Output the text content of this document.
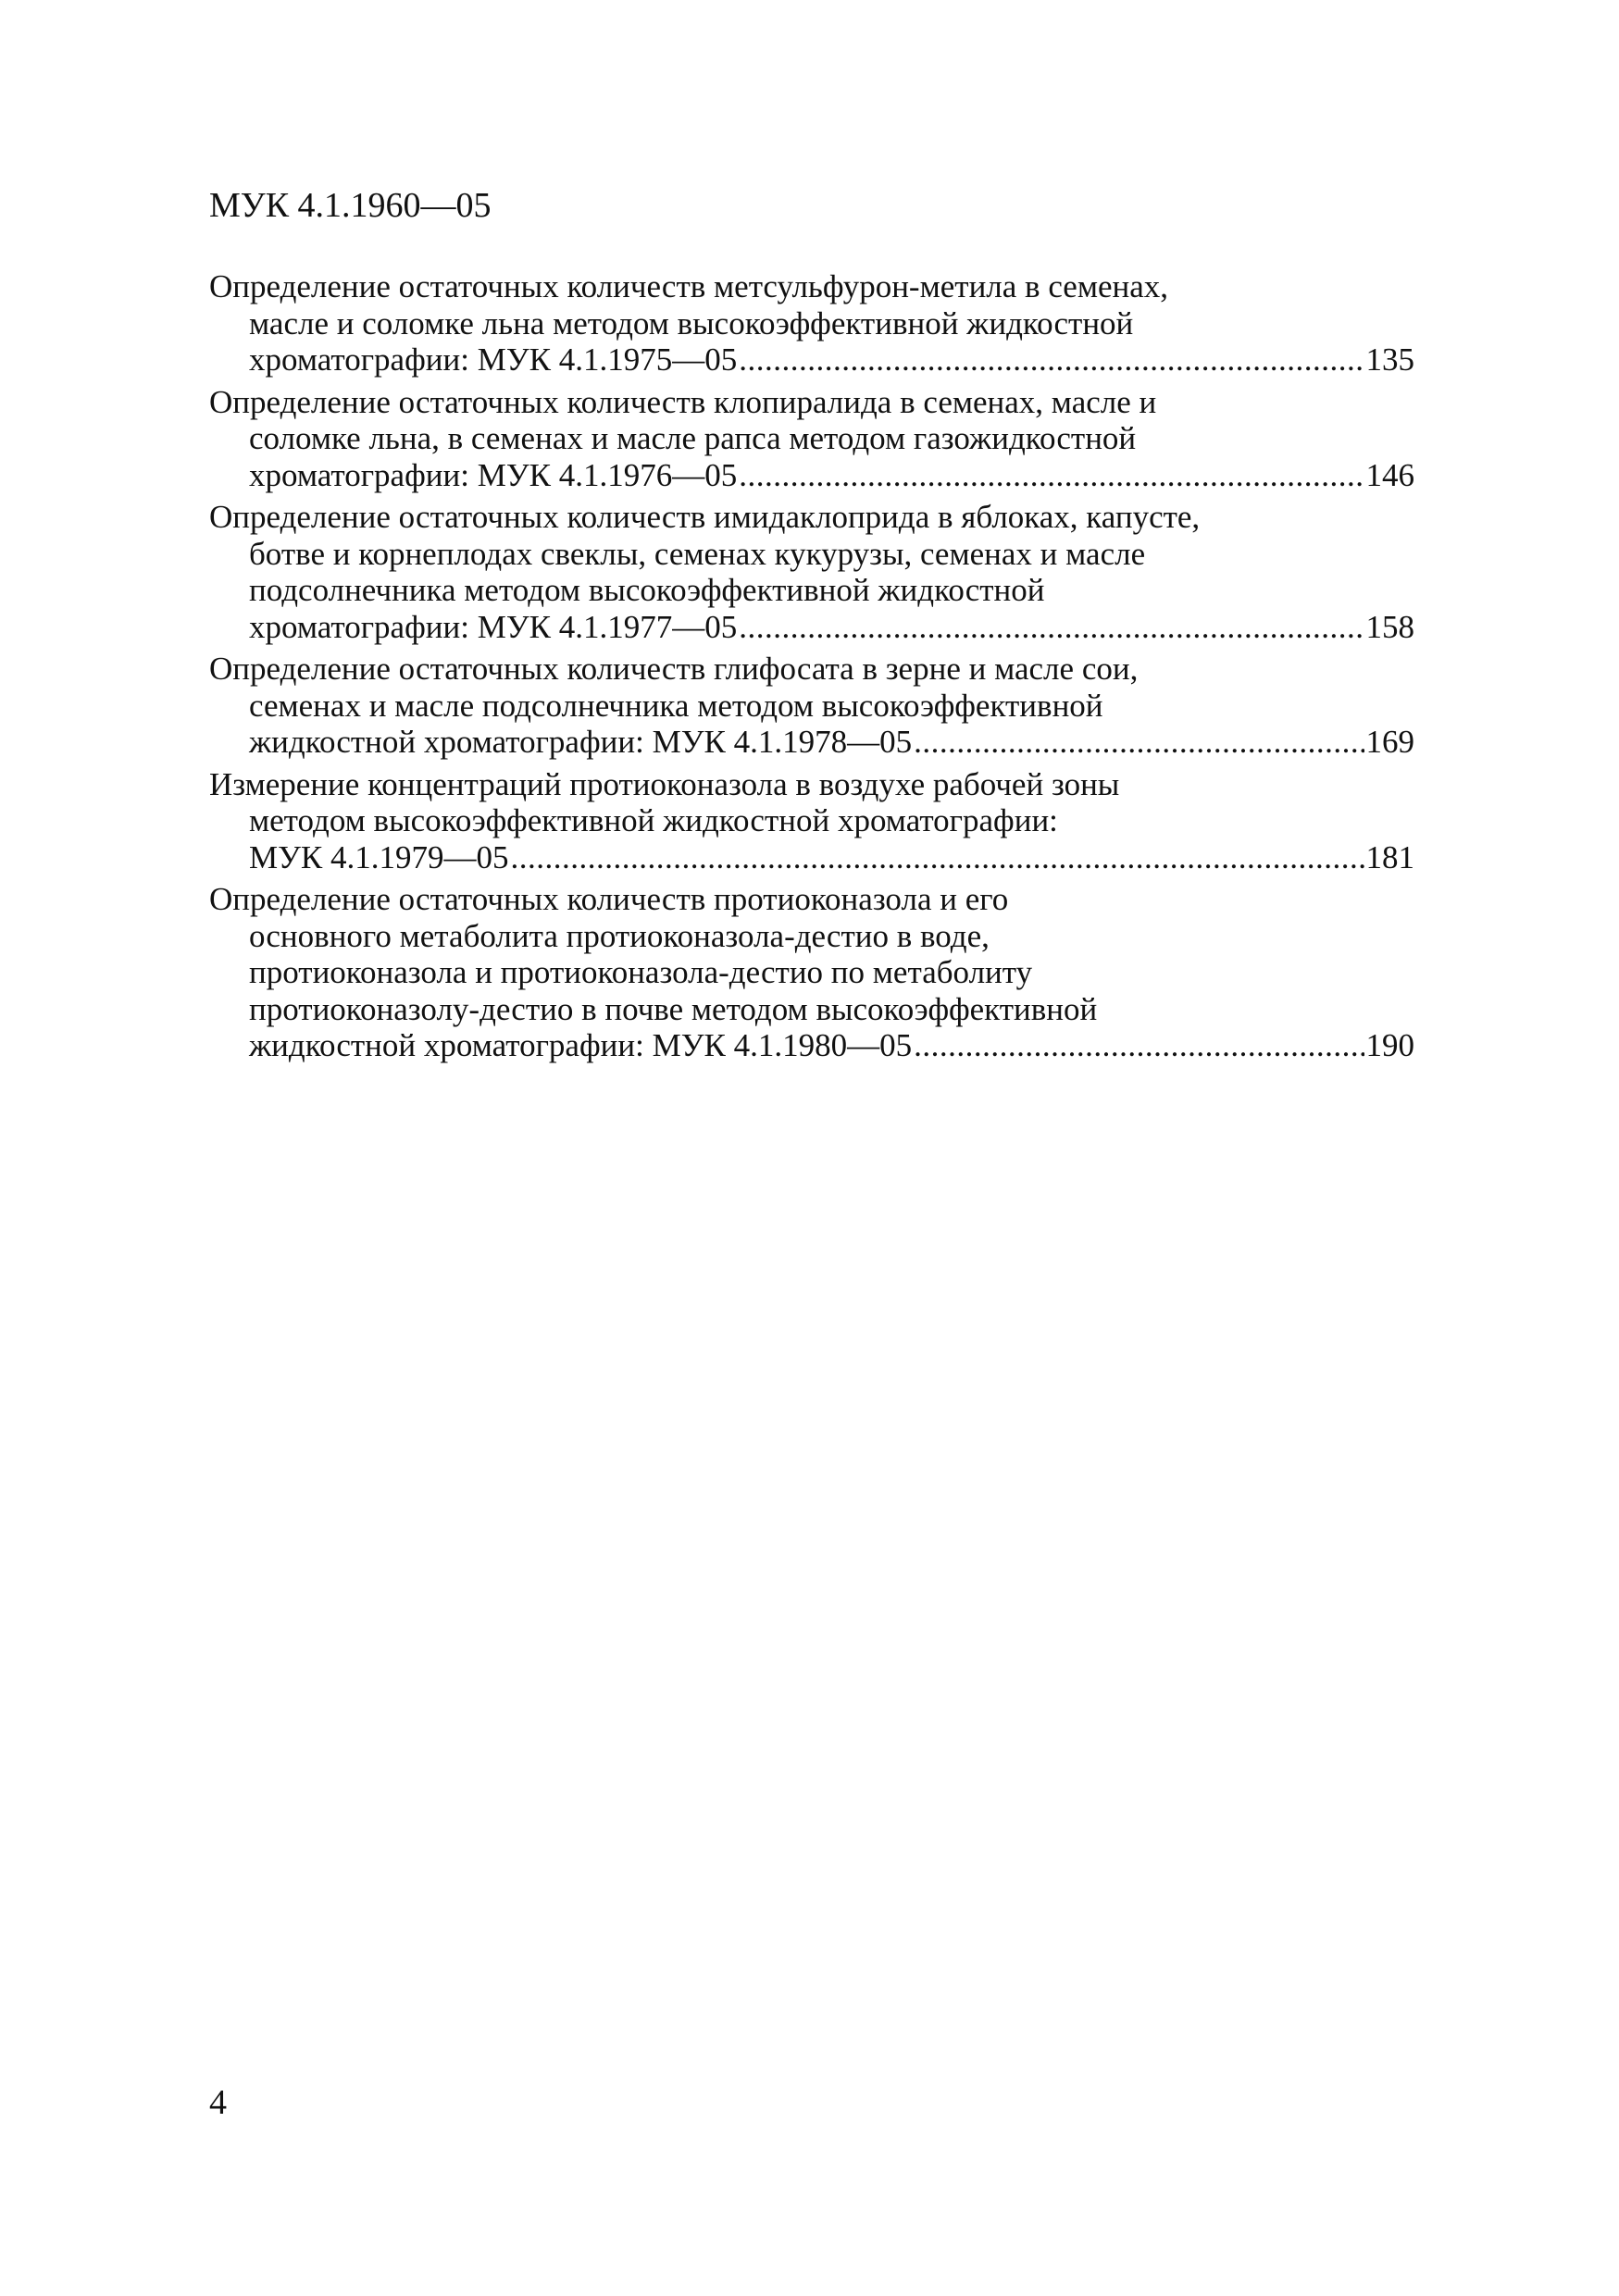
МУК 4.1.1960—05
Определение остаточных количеств метсульфурон-метила в семенах,
масле и соломке льна методом высокоэффективной жидкостной
хроматографии: МУК 4.1.1975—05 .....	135
Определение остаточных количеств клопиралида в семенах, масле и
соломке льна, в семенах и масле рапса методом газожидкостной
хроматографии: МУК 4.1.1976—05 .....	146
Определение остаточных количеств имидаклоприда в яблоках, капусте,
ботве и корнеплодах свеклы, семенах кукурузы, семенах и масле
подсолнечника методом высокоэффективной жидкостной
хроматографии: МУК 4.1.1977—05 .....	158
Определение остаточных количеств глифосата в зерне и масле сои,
семенах и масле подсолнечника методом высокоэффективной
жидкостной хроматографии: МУК 4.1.1978—05 .....	169
Измерение концентраций протиоконазола в воздухе рабочей зоны
методом высокоэффективной жидкостной хроматографии:
МУК 4.1.1979—05 .....	181
Определение остаточных количеств протиоконазола и его
основного метаболита протиоконазола-дестио в воде,
протиоконазола и протиоконазола-дестио по метаболиту
протиоконазолу-дестио в почве методом высокоэффективной
жидкостной хроматографии: МУК 4.1.1980—05 .....	190
4
